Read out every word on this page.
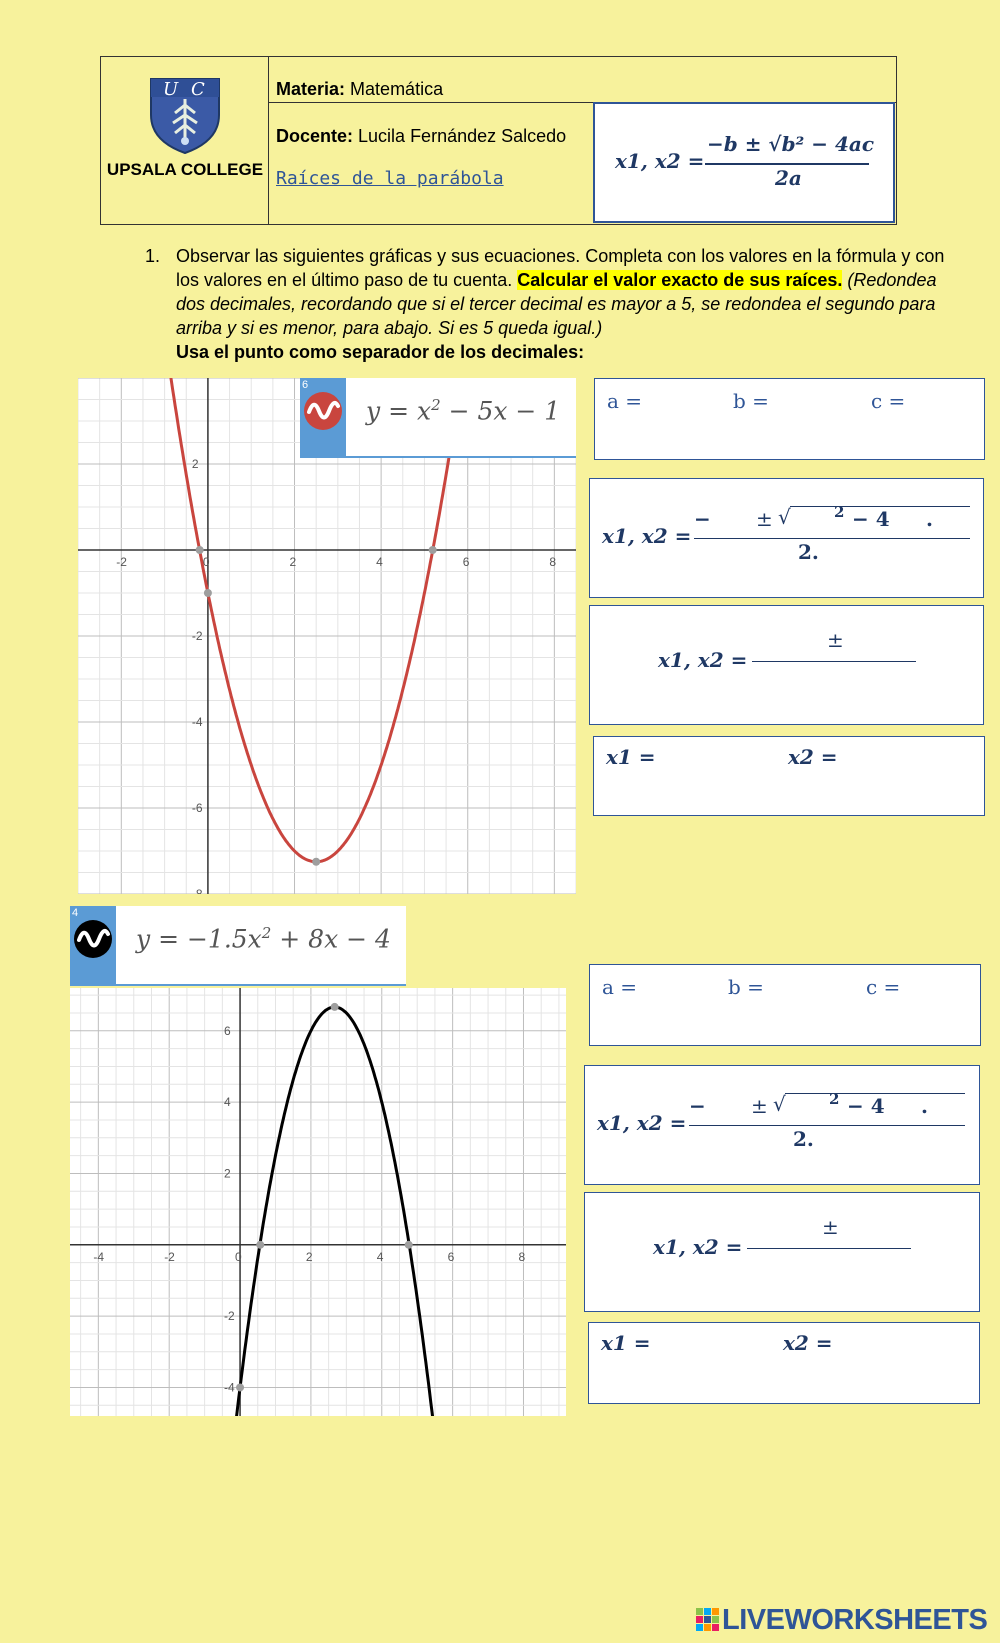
U C
UPSALA COLLEGE
Materia: Matemática
Docente: Lucila Fernández Salcedo
Raíces de la parábola
x1, x2 =
−b ± √b² − 4ac
2a
1. Observar las siguientes gráficas y sus ecuaciones. Completa con los valores en la fórmula y con los valores en el último paso de tu cuenta. Calcular el valor exacto de sus raíces. (Redondea dos decimales, recordando que si el tercer decimal es mayor a 5, se redondea el segundo para arriba y si es menor, para abajo. Si es 5 queda igual.)
Usa el punto como separador de los decimales:
-2	0	2	4	6	8
2
-2
-4
-6
-8
6
$y = x^2 - 5x - 1$ a =	b =	c =
x1, x2 =
− ± √	2 − 4 .
2.
x1, x2 =
±
x1 =	x2 =
4
$y = -1.5x^2 + 8x - 4$
-4	-2	0	2	4	6	8
6
4
2
-2
-4
a =	b =	c =
x1, x2 =
− ± √	2 − 4 .
2.
x1, x2 =
±
x1 =	x2 =
LIVEWORKSHEETS
